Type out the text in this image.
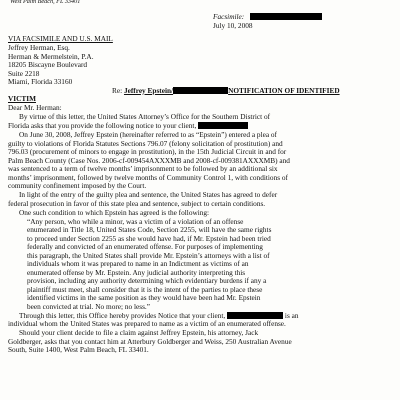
West Palm Beach, FL 33401
Facsimile:
July 10, 2008
VIA FACSIMILE AND U.S. MAIL
Jeffrey Herman, Esq.
Herman & Mermelstein, P.A.
18205 Biscayne Boulevard
Suite 2218
Miami, Florida 33160
Re: Jeffrey Epstein/	NOTIFICATION OF IDENTIFIED
VICTIM
Dear Mr. Herman:
By virtue of this letter, the United States Attorney’s Office for the Southern District of
Florida asks that you provide the following notice to your client,
On June 30, 2008, Jeffrey Epstein (hereinafter referred to as “Epstein”) entered a plea of
guilty to violations of Florida Statutes Sections 796.07 (felony solicitation of prostitution) and
796.03 (procurement of minors to engage in prostitution), in the 15th Judicial Circuit in and for
Palm Beach County (Case Nos. 2006-cf-009454AXXXMB and 2008-cf-009381AXXXMB) and
was sentenced to a term of twelve months’ imprisonment to be followed by an additional six
months’ imprisonment, followed by twelve months of Community Control 1, with conditions of
community confinement imposed by the Court.
In light of the entry of the guilty plea and sentence, the United States has agreed to defer
federal prosecution in favor of this state plea and sentence, subject to certain conditions.
One such condition to which Epstein has agreed is the following:
“Any person, who while a minor, was a victim of a violation of an offense
enumerated in Title 18, United States Code, Section 2255, will have the same rights
to proceed under Section 2255 as she would have had, if Mr. Epstein had been tried
federally and convicted of an enumerated offense. For purposes of implementing
this paragraph, the United States shall provide Mr. Epstein’s attorneys with a list of
individuals whom it was prepared to name in an Indictment as victims of an
enumerated offense by Mr. Epstein. Any judicial authority interpreting this
provision, including any authority determining which evidentiary burdens if any a
plaintiff must meet, shall consider that it is the intent of the parties to place these
identified victims in the same position as they would have been had Mr. Epstein
been convicted at trial. No more; no less.”
Through this letter, this Office hereby provides Notice that your client,	is an
individual whom the United States was prepared to name as a victim of an enumerated offense.
Should your client decide to file a claim against Jeffrey Epstein, his attorney, Jack
Goldberger, asks that you contact him at Atterbury Goldberger and Weiss, 250 Australian Avenue
South, Suite 1400, West Palm Beach, FL 33401.
